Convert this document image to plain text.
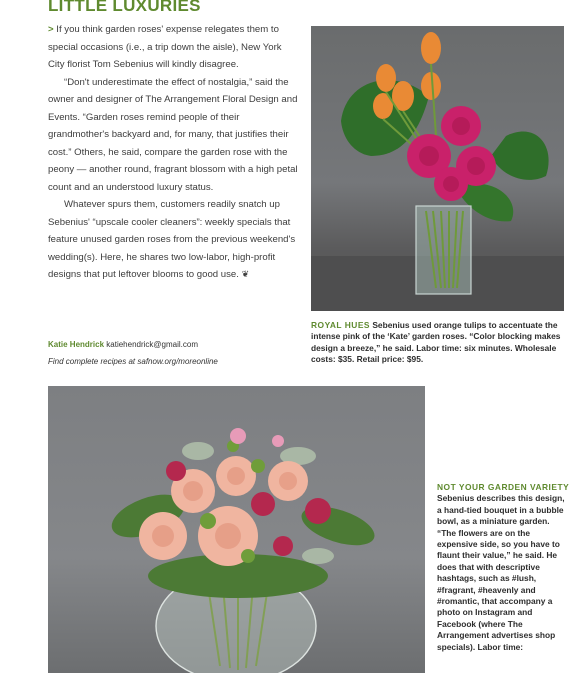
LITTLE LUXURIES

> If you think garden roses' expense relegates them to special occasions (i.e., a trip down the aisle), New York City florist Tom Sebenius will kindly disagree.

“Don't underestimate the effect of nostalgia,” said the owner and designer of The Arrangement Floral Design and Events. “Garden roses remind people of their grandmother's backyard and, for many, that justifies their cost.” Others, he said, compare the garden rose with the peony — another round, fragrant blossom with a high petal count and an understood luxury status.

Whatever spurs them, customers readily snatch up Sebenius' “upscale cooler cleaners”: weekly specials that feature unused garden roses from the previous weekend's wedding(s). Here, he shares two low-labor, high-profit designs that put leftover blooms to good use. ❦

Katie Hendrick katiehendrick@gmail.com
Find complete recipes at safnow.org/moreonline
ROYAL HUES Sebenius used orange tulips to accentuate the intense pink of the ‘Kate’ garden roses. “Color blocking makes design a breeze,” he said. Labor time: six minutes. Wholesale costs: $35. Retail price: $95.
NOT YOUR GARDEN VARIETY Sebenius describes this design, a hand-tied bouquet in a bubble bowl, as a miniature garden. “The flowers are on the expensive side, so you have to flaunt their value,” he said. He does that with descriptive hashtags, such as #lush, #fragrant, #heavenly and #romantic, that accompany a photo on Instagram and Facebook (where The Arrangement advertises shop specials). Labor time:
